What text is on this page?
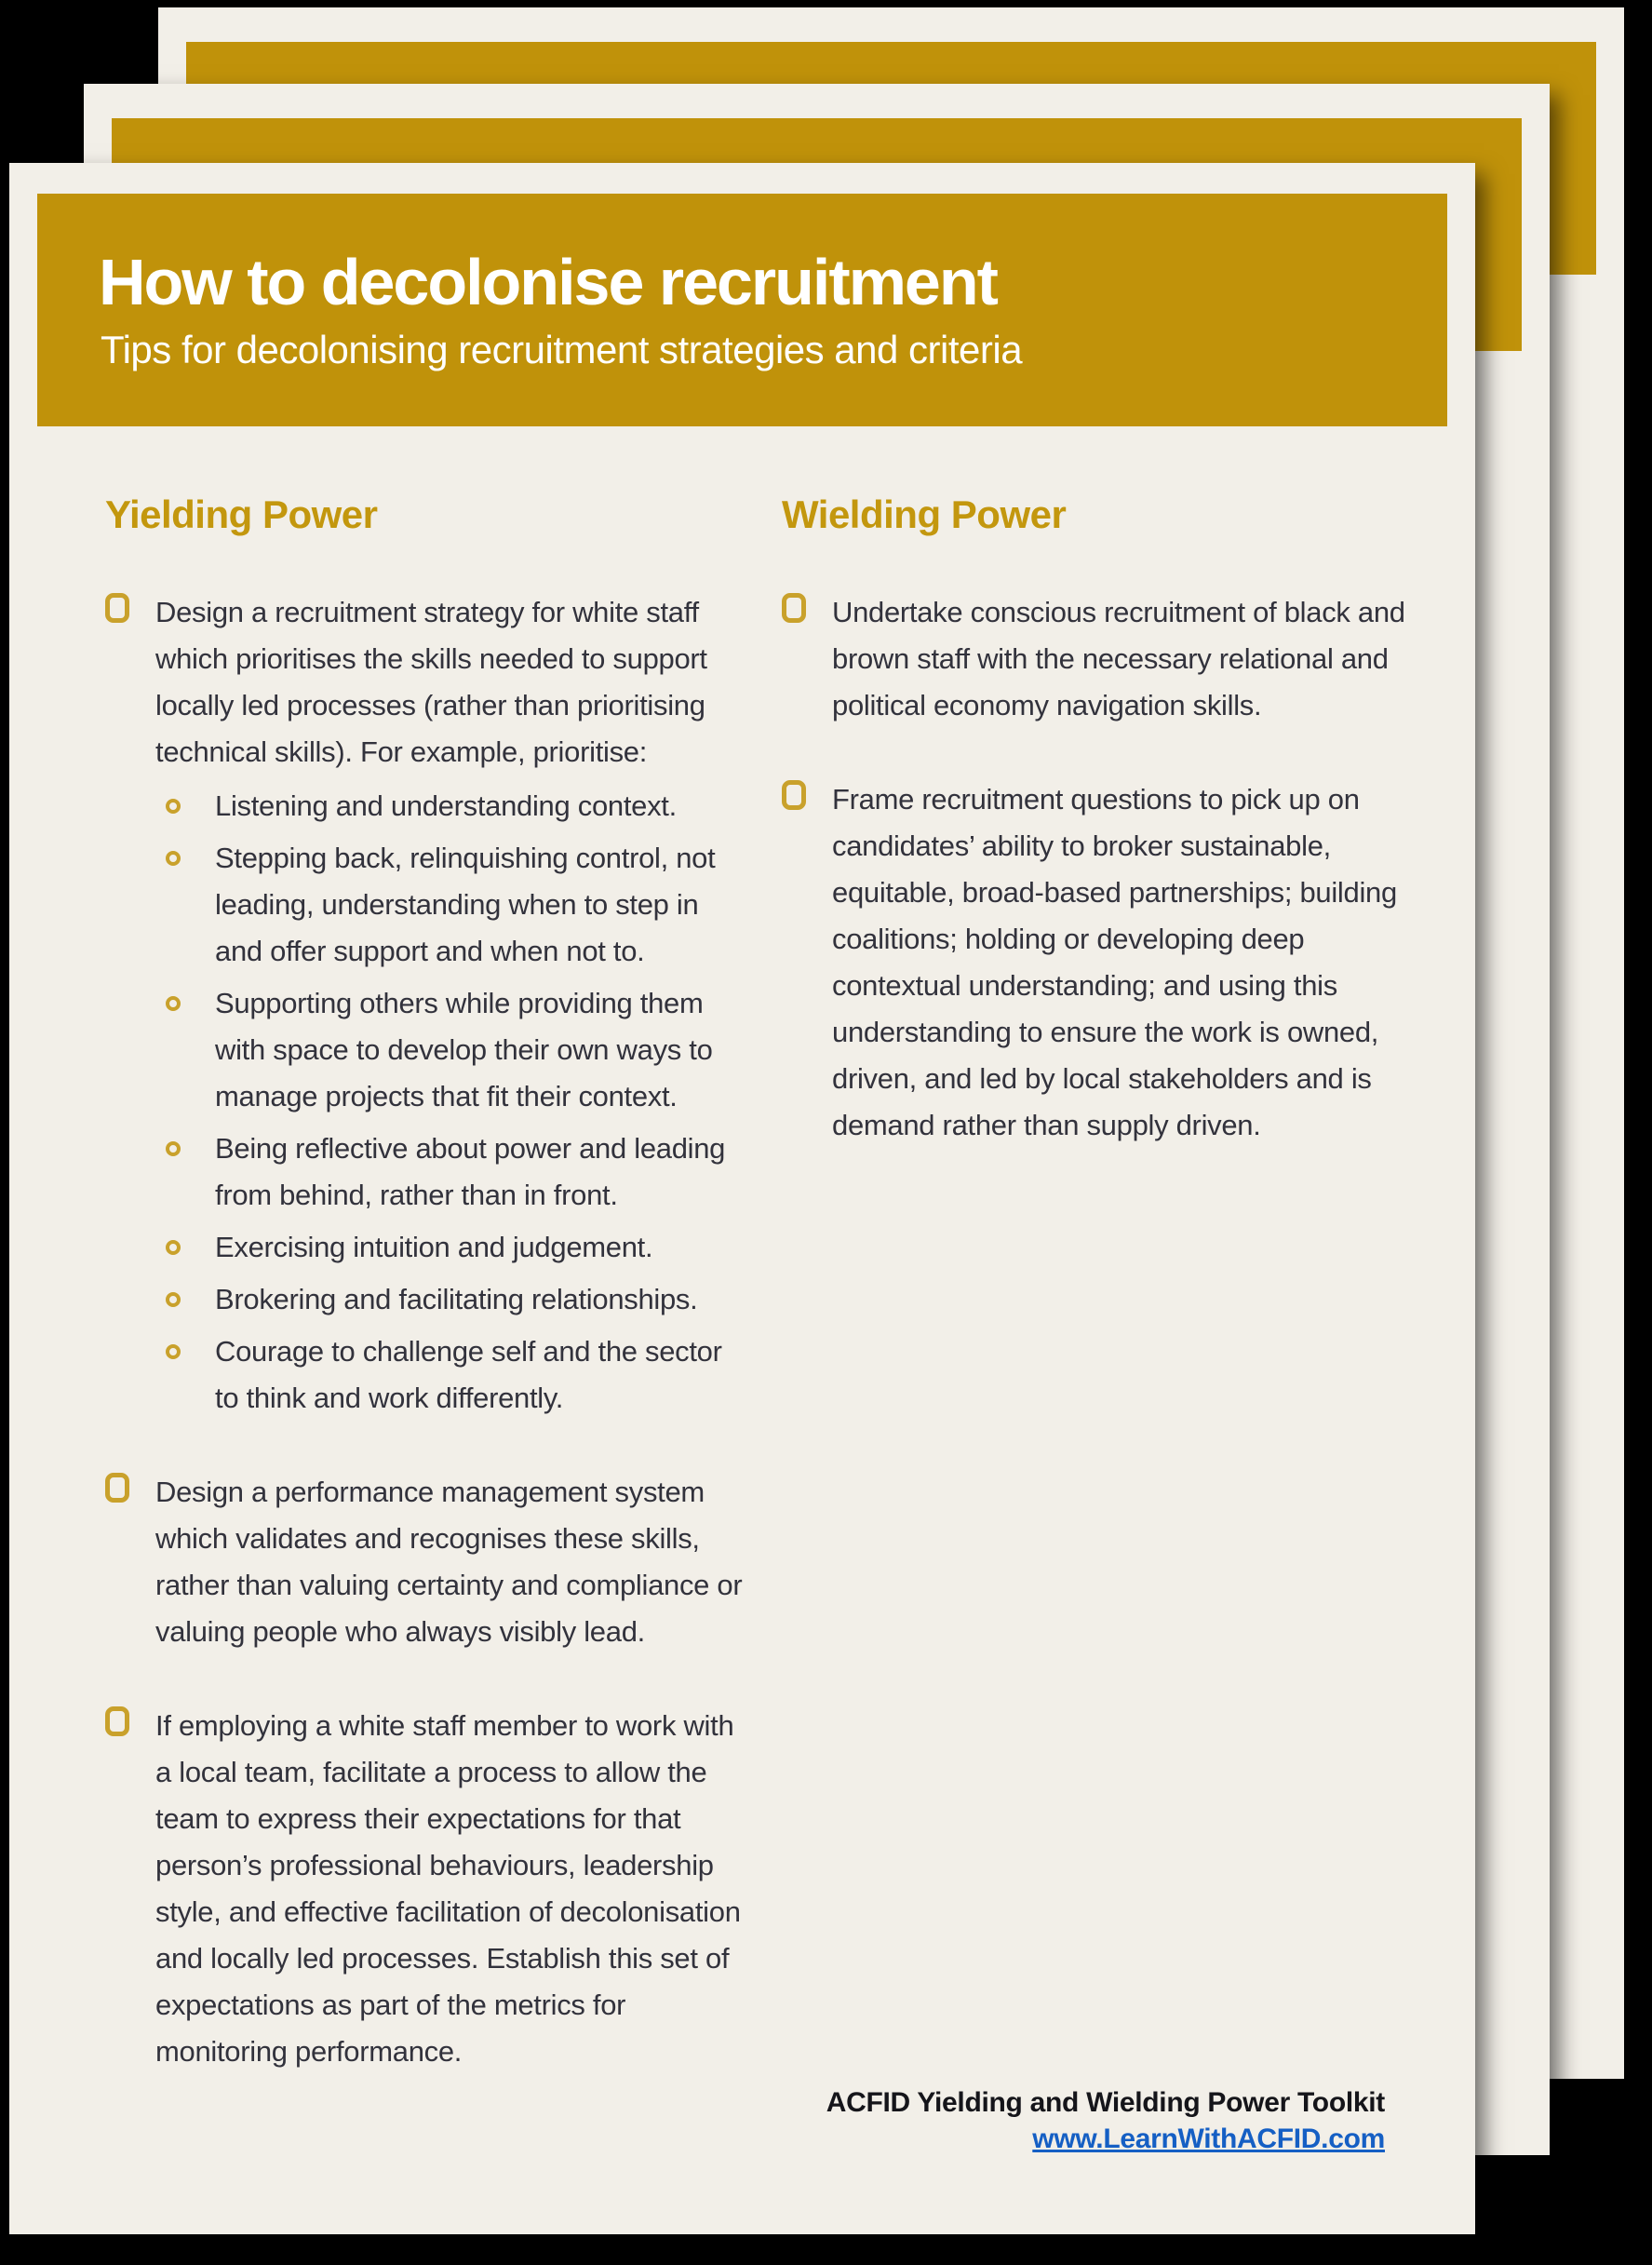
How to decolonise recruitment
Tips for decolonising recruitment strategies and criteria
Yielding Power
Design a recruitment strategy for white staff which prioritises the skills needed to support locally led processes (rather than prioritising technical skills). For example, prioritise:
Listening and understanding context.
Stepping back, relinquishing control, not leading, understanding when to step in and offer support and when not to.
Supporting others while providing them with space to develop their own ways to manage projects that fit their context.
Being reflective about power and leading from behind, rather than in front.
Exercising intuition and judgement.
Brokering and facilitating relationships.
Courage to challenge self and the sector to think and work differently.
Design a performance management system which validates and recognises these skills, rather than valuing certainty and compliance or valuing people who always visibly lead.
If employing a white staff member to work with a local team, facilitate a process to allow the team to express their expectations for that person’s professional behaviours, leadership style, and effective facilitation of decolonisation and locally led processes. Establish this set of expectations as part of the metrics for monitoring performance.
Wielding Power
Undertake conscious recruitment of black and brown staff with the necessary relational and political economy navigation skills.
Frame recruitment questions to pick up on candidates’ ability to broker sustainable, equitable, broad-based partnerships; building coalitions; holding or developing deep contextual understanding; and using this understanding to ensure the work is owned, driven, and led by local stakeholders and is demand rather than supply driven.
ACFID Yielding and Wielding Power Toolkit
www.LearnWithACFID.com
